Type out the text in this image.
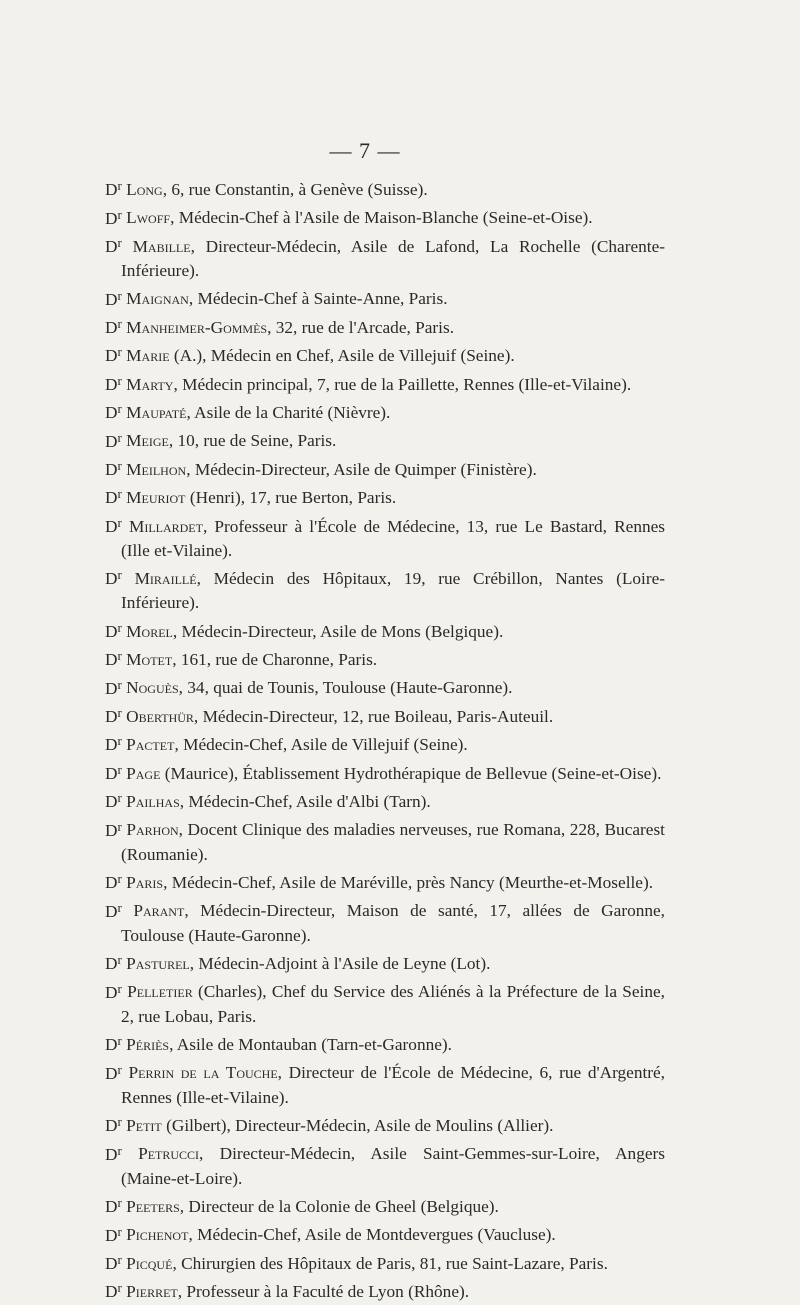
— 7 —
$D^r$ Long, 6, rue Constantin, à Genève (Suisse).
$D^r$ Lwoff, Médecin-Chef à l'Asile de Maison-Blanche (Seine-et-Oise).
$D^r$ Mabille, Directeur-Médecin, Asile de Lafond, La Rochelle (Charente-Inférieure).
$D^r$ Maignan, Médecin-Chef à Sainte-Anne, Paris.
$D^r$ Manheimer-Gommès, 32, rue de l'Arcade, Paris.
$D^r$ Marie (A.), Médecin en Chef, Asile de Villejuif (Seine).
$D^r$ Marty, Médecin principal, 7, rue de la Paillette, Rennes (Ille-et-Vilaine).
$D^r$ Maupaté, Asile de la Charité (Nièvre).
$D^r$ Meige, 10, rue de Seine, Paris.
$D^r$ Meilhon, Médecin-Directeur, Asile de Quimper (Finistère).
$D^r$ Meuriot (Henri), 17, rue Berton, Paris.
$D^r$ Millardet, Professeur à l'École de Médecine, 13, rue Le Bastard, Rennes (Ille et-Vilaine).
$D^r$ Miraillé, Médecin des Hôpitaux, 19, rue Crébillon, Nantes (Loire-Inférieure).
$D^r$ Morel, Médecin-Directeur, Asile de Mons (Belgique).
$D^r$ Motet, 161, rue de Charonne, Paris.
$D^r$ Noguès, 34, quai de Tounis, Toulouse (Haute-Garonne).
$D^r$ Oberthür, Médecin-Directeur, 12, rue Boileau, Paris-Auteuil.
$D^r$ Pactet, Médecin-Chef, Asile de Villejuif (Seine).
$D^r$ Page (Maurice), Établissement Hydrothérapique de Bellevue (Seine-et-Oise).
$D^r$ Pailhas, Médecin-Chef, Asile d'Albi (Tarn).
$D^r$ Parhon, Docent Clinique des maladies nerveuses, rue Romana, 228, Bucarest (Roumanie).
$D^r$ Paris, Médecin-Chef, Asile de Maréville, près Nancy (Meurthe-et-Moselle).
$D^r$ Parant, Médecin-Directeur, Maison de santé, 17, allées de Garonne, Toulouse (Haute-Garonne).
$D^r$ Pasturel, Médecin-Adjoint à l'Asile de Leyne (Lot).
$D^r$ Pelletier (Charles), Chef du Service des Aliénés à la Préfecture de la Seine, 2, rue Lobau, Paris.
$D^r$ Périès, Asile de Montauban (Tarn-et-Garonne).
$D^r$ Perrin de la Touche, Directeur de l'École de Médecine, 6, rue d'Argentré, Rennes (Ille-et-Vilaine).
$D^r$ Petit (Gilbert), Directeur-Médecin, Asile de Moulins (Allier).
$D^r$ Petrucci, Directeur-Médecin, Asile Saint-Gemmes-sur-Loire, Angers (Maine-et-Loire).
$D^r$ Peeters, Directeur de la Colonie de Gheel (Belgique).
$D^r$ Pichenot, Médecin-Chef, Asile de Montdevergues (Vaucluse).
$D^r$ Picqué, Chirurgien des Hôpitaux de Paris, 81, rue Saint-Lazare, Paris.
$D^r$ Pierret, Professeur à la Faculté de Lyon (Rhône).
